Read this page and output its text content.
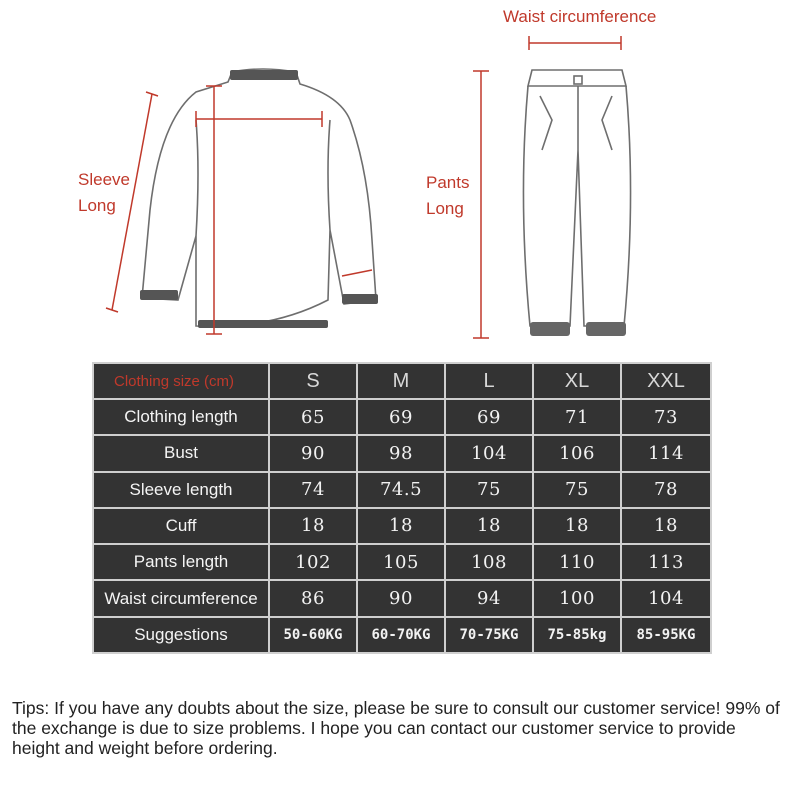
Waist circumference
Sleeve
Long
Pants
Long
Clothing size (cm)	S	M	L	XL	XXL
Clothing length	65	69	69	71	73
Bust	90	98	104	106	114
Sleeve length	74	74.5	75	75	78
Cuff	18	18	18	18	18
Pants length	102	105	108	110	113
Waist circumference	86	90	94	100	104
Suggestions	50-60KG	60-70KG	70-75KG	75-85kg	85-95KG
Tips: If you have any doubts about the size, please be sure to consult our customer service! 99% of the exchange is due to size problems. I hope you can contact our customer service to provide height and weight before ordering.
